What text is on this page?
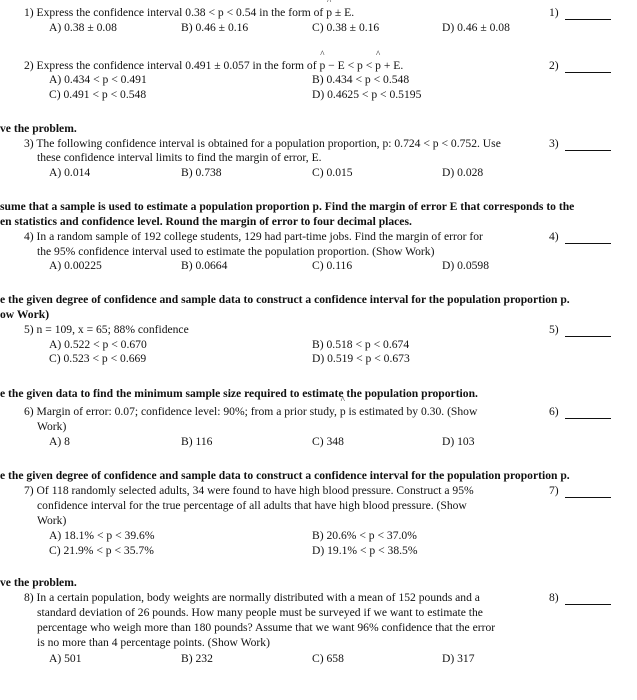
1) Express the confidence interval 0.38 < p < 0.54 in the form of ^ p ± E.	1)
A) 0.38 ± 0.08	B) 0.46 ± 0.16	C) 0.38 ± 0.16	D) 0.46 ± 0.08
2) Express the confidence interval 0.491 ± 0.057 in the form of ^ p − E < p < ^ p + E.	2)
A) 0.434 < p < 0.491	B) 0.434 < p < 0.548
C) 0.491 < p < 0.548	D) 0.4625 < p < 0.5195
ve the problem.
3) The following confidence interval is obtained for a population proportion, p: 0.724 < p < 0.752. Use
these confidence interval limits to find the margin of error, E.
3)
A) 0.014	B) 0.738	C) 0.015	D) 0.028
sume that a sample is used to estimate a population proportion p. Find the margin of error E that corresponds to the
en statistics and confidence level. Round the margin of error to four decimal places.
4) In a random sample of 192 college students, 129 had part-time jobs. Find the margin of error for
the 95% confidence interval used to estimate the population proportion. (Show Work)
4)
A) 0.00225	B) 0.0664	C) 0.116	D) 0.0598
e the given degree of confidence and sample data to construct a confidence interval for the population proportion p.
ow Work)
5) n = 109, x = 65; 88% confidence	5)
A) 0.522 < p < 0.670	B) 0.518 < p < 0.674
C) 0.523 < p < 0.669	D) 0.519 < p < 0.673
e the given data to find the minimum sample size required to estimate the population proportion.
6) Margin of error: 0.07; confidence level: 90%; from a prior study, ^ p is estimated by 0.30. (Show
Work)
6)
A) 8	B) 116	C) 348	D) 103
e the given degree of confidence and sample data to construct a confidence interval for the population proportion p.
7) Of 118 randomly selected adults, 34 were found to have high blood pressure. Construct a 95%
confidence interval for the true percentage of all adults that have high blood pressure. (Show
Work)
7)
A) 18.1% < p < 39.6%	B) 20.6% < p < 37.0%
C) 21.9% < p < 35.7%	D) 19.1% < p < 38.5%
ve the problem.
8) In a certain population, body weights are normally distributed with a mean of 152 pounds and a
standard deviation of 26 pounds. How many people must be surveyed if we want to estimate the
percentage who weigh more than 180 pounds? Assume that we want 96% confidence that the error
is no more than 4 percentage points. (Show Work)
8)
A) 501	B) 232	C) 658	D) 317
